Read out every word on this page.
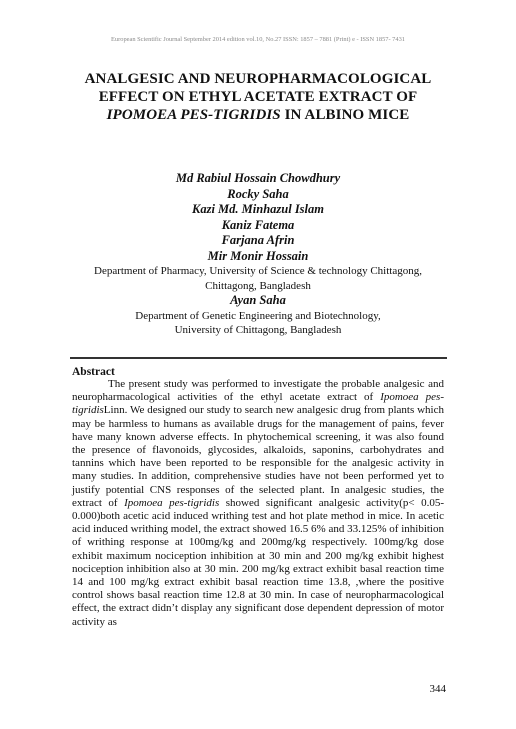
European Scientific Journal September 2014 edition vol.10, No.27 ISSN: 1857 – 7881 (Print) e - ISSN 1857- 7431
ANALGESIC AND NEUROPHARMACOLOGICAL
EFFECT ON ETHYL ACETATE EXTRACT OF
IPOMOEA PES-TIGRIDIS IN ALBINO MICE
Md Rabiul Hossain Chowdhury
Rocky Saha
Kazi Md. Minhazul Islam
Kaniz Fatema
Farjana Afrin
Mir Monir Hossain
Department of Pharmacy, University of Science & technology Chittagong,
Chittagong, Bangladesh
Ayan Saha
Department of Genetic Engineering and Biotechnology,
University of Chittagong, Bangladesh
Abstract
The present study was performed to investigate the probable analgesic and neuropharmacological activities of the ethyl acetate extract of Ipomoea pes-tigridisLinn. We designed our study to search new analgesic drug from plants which may be harmless to humans as available drugs for the management of pains, fever have many known adverse effects. In phytochemical screening, it was also found the presence of flavonoids, glycosides, alkaloids, saponins, carbohydrates and tannins which have been reported to be responsible for the analgesic activity in many studies. In addition, comprehensive studies have not been performed yet to justify potential CNS responses of the selected plant. In analgesic studies, the extract of Ipomoea pes-tigridis showed significant analgesic activity(p< 0.05-0.000)both acetic acid induced writhing test and hot plate method in mice. In acetic acid induced writhing model, the extract showed 16.5 6% and 33.125% of inhibition of writhing response at 100mg/kg and 200mg/kg respectively. 100mg/kg dose exhibit maximum nociception inhibition at 30 min and 200 mg/kg exhibit highest nociception inhibition also at 30 min. 200 mg/kg extract exhibit basal reaction time 14 and 100 mg/kg extract exhibit basal reaction time 13.8, ,where the positive control shows basal reaction time 12.8 at 30 min. In case of neuropharmacological effect, the extract didn’t display any significant dose dependent depression of motor activity as
344
